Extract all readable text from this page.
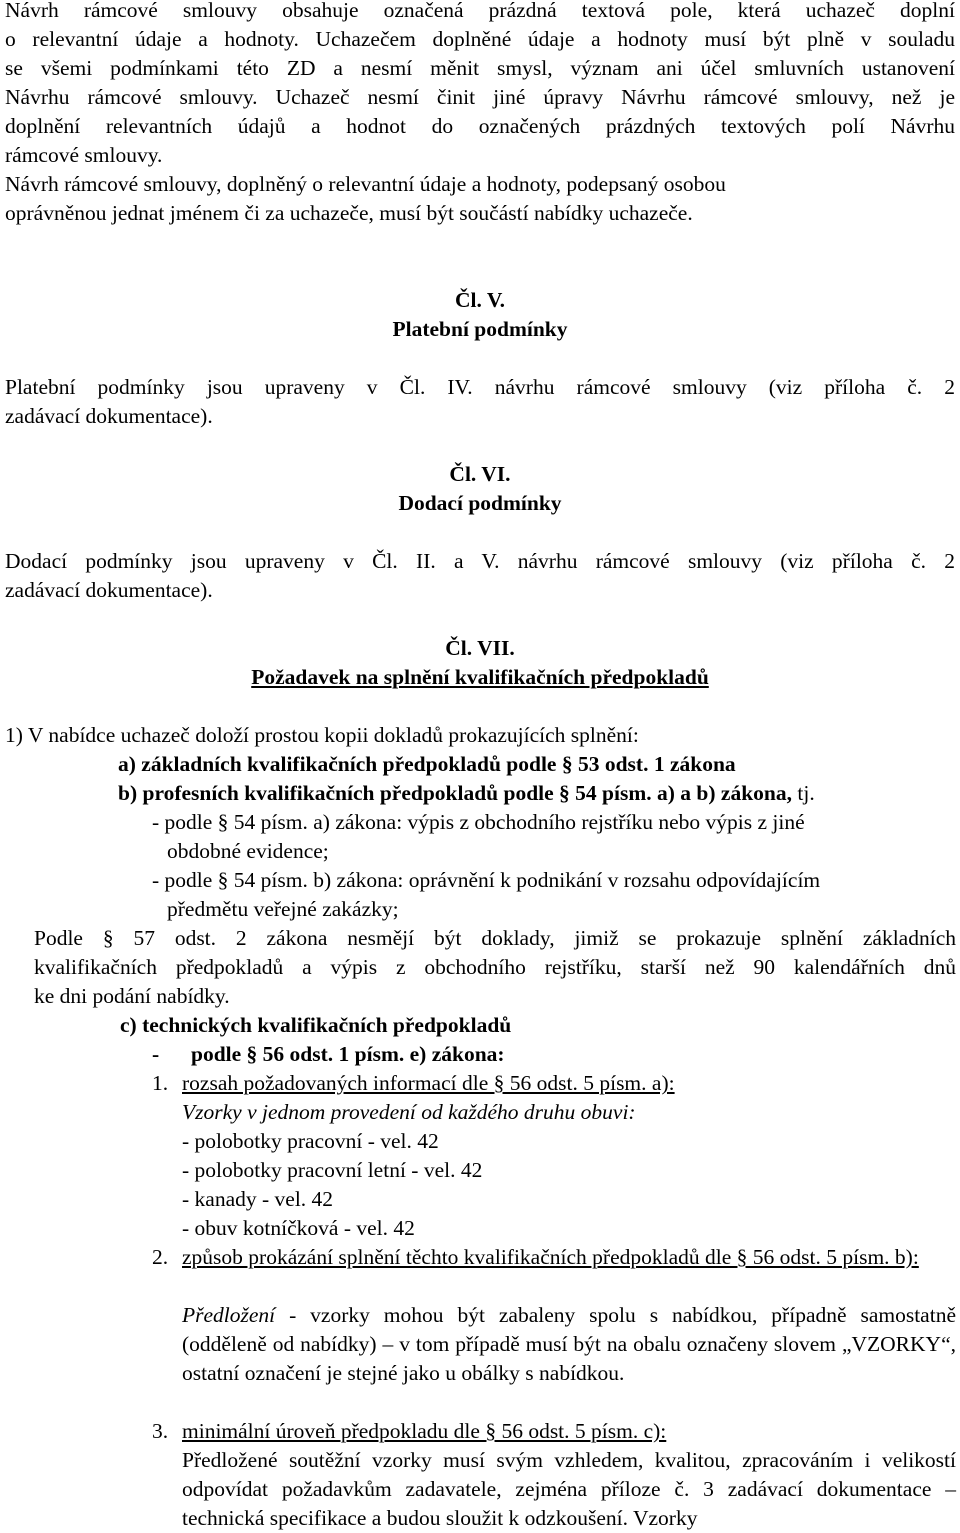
Návrh rámcové smlouvy obsahuje označená prázdná textová pole, která uchazeč doplní
o relevantní údaje a hodnoty. Uchazečem doplněné údaje a hodnoty musí být plně v souladu
se všemi podmínkami této ZD a nesmí měnit smysl, význam ani účel smluvních ustanovení
Návrhu rámcové smlouvy. Uchazeč nesmí činit jiné úpravy Návrhu rámcové smlouvy, než je
doplnění relevantních údajů a hodnot do označených prázdných textových polí Návrhu
rámcové smlouvy.
Návrh rámcové smlouvy, doplněný o relevantní údaje a hodnoty, podepsaný osobou
oprávněnou jednat jménem či za uchazeče, musí být součástí nabídky uchazeče.
Čl. V.
Platební podmínky
Platební podmínky jsou upraveny v Čl. IV. návrhu rámcové smlouvy (viz příloha č. 2
zadávací dokumentace).
Čl. VI.
Dodací podmínky
Dodací podmínky jsou upraveny v Čl. II. a V. návrhu rámcové smlouvy (viz příloha č. 2
zadávací dokumentace).
Čl. VII.
Požadavek na splnění kvalifikačních předpokladů
1) V nabídce uchazeč doloží prostou kopii dokladů prokazujících splnění:
a) základních kvalifikačních předpokladů podle § 53 odst. 1 zákona
b) profesních kvalifikačních předpokladů podle § 54 písm. a) a b) zákona, tj.
- podle § 54 písm. a) zákona: výpis z obchodního rejstříku nebo výpis z jiné
obdobné evidence;
- podle § 54 písm. b) zákona: oprávnění k podnikání v rozsahu odpovídajícím
předmětu veřejné zakázky;
Podle § 57 odst. 2 zákona nesmějí být doklady, jimiž se prokazuje splnění základních
kvalifikačních předpokladů a výpis z obchodního rejstříku, starší než 90 kalendářních dnů
ke dni podání nabídky.
c) technických kvalifikačních předpokladů
- podle § 56 odst. 1 písm. e) zákona:
1. rozsah požadovaných informací dle § 56 odst. 5 písm. a):
Vzorky v jednom provedení od každého druhu obuvi:
- polobotky pracovní - vel. 42
- polobotky pracovní letní - vel. 42
- kanady - vel. 42
- obuv kotníčková - vel. 42
2. způsob prokázání splnění těchto kvalifikačních předpokladů dle § 56 odst. 5 písm. b):
Předložení - vzorky mohou být zabaleny spolu s nabídkou, případně samostatně (odděleně od nabídky) – v tom případě musí být na obalu označeny slovem „VZORKY“, ostatní označení je stejné jako u obálky s nabídkou.
3. minimální úroveň předpokladu dle § 56 odst. 5 písm. c):
Předložené soutěžní vzorky musí svým vzhledem, kvalitou, zpracováním i velikostí odpovídat požadavkům zadavatele, zejména příloze č. 3 zadávací dokumentace – technická specifikace a budou sloužit k odzkoušení. Vzorky
